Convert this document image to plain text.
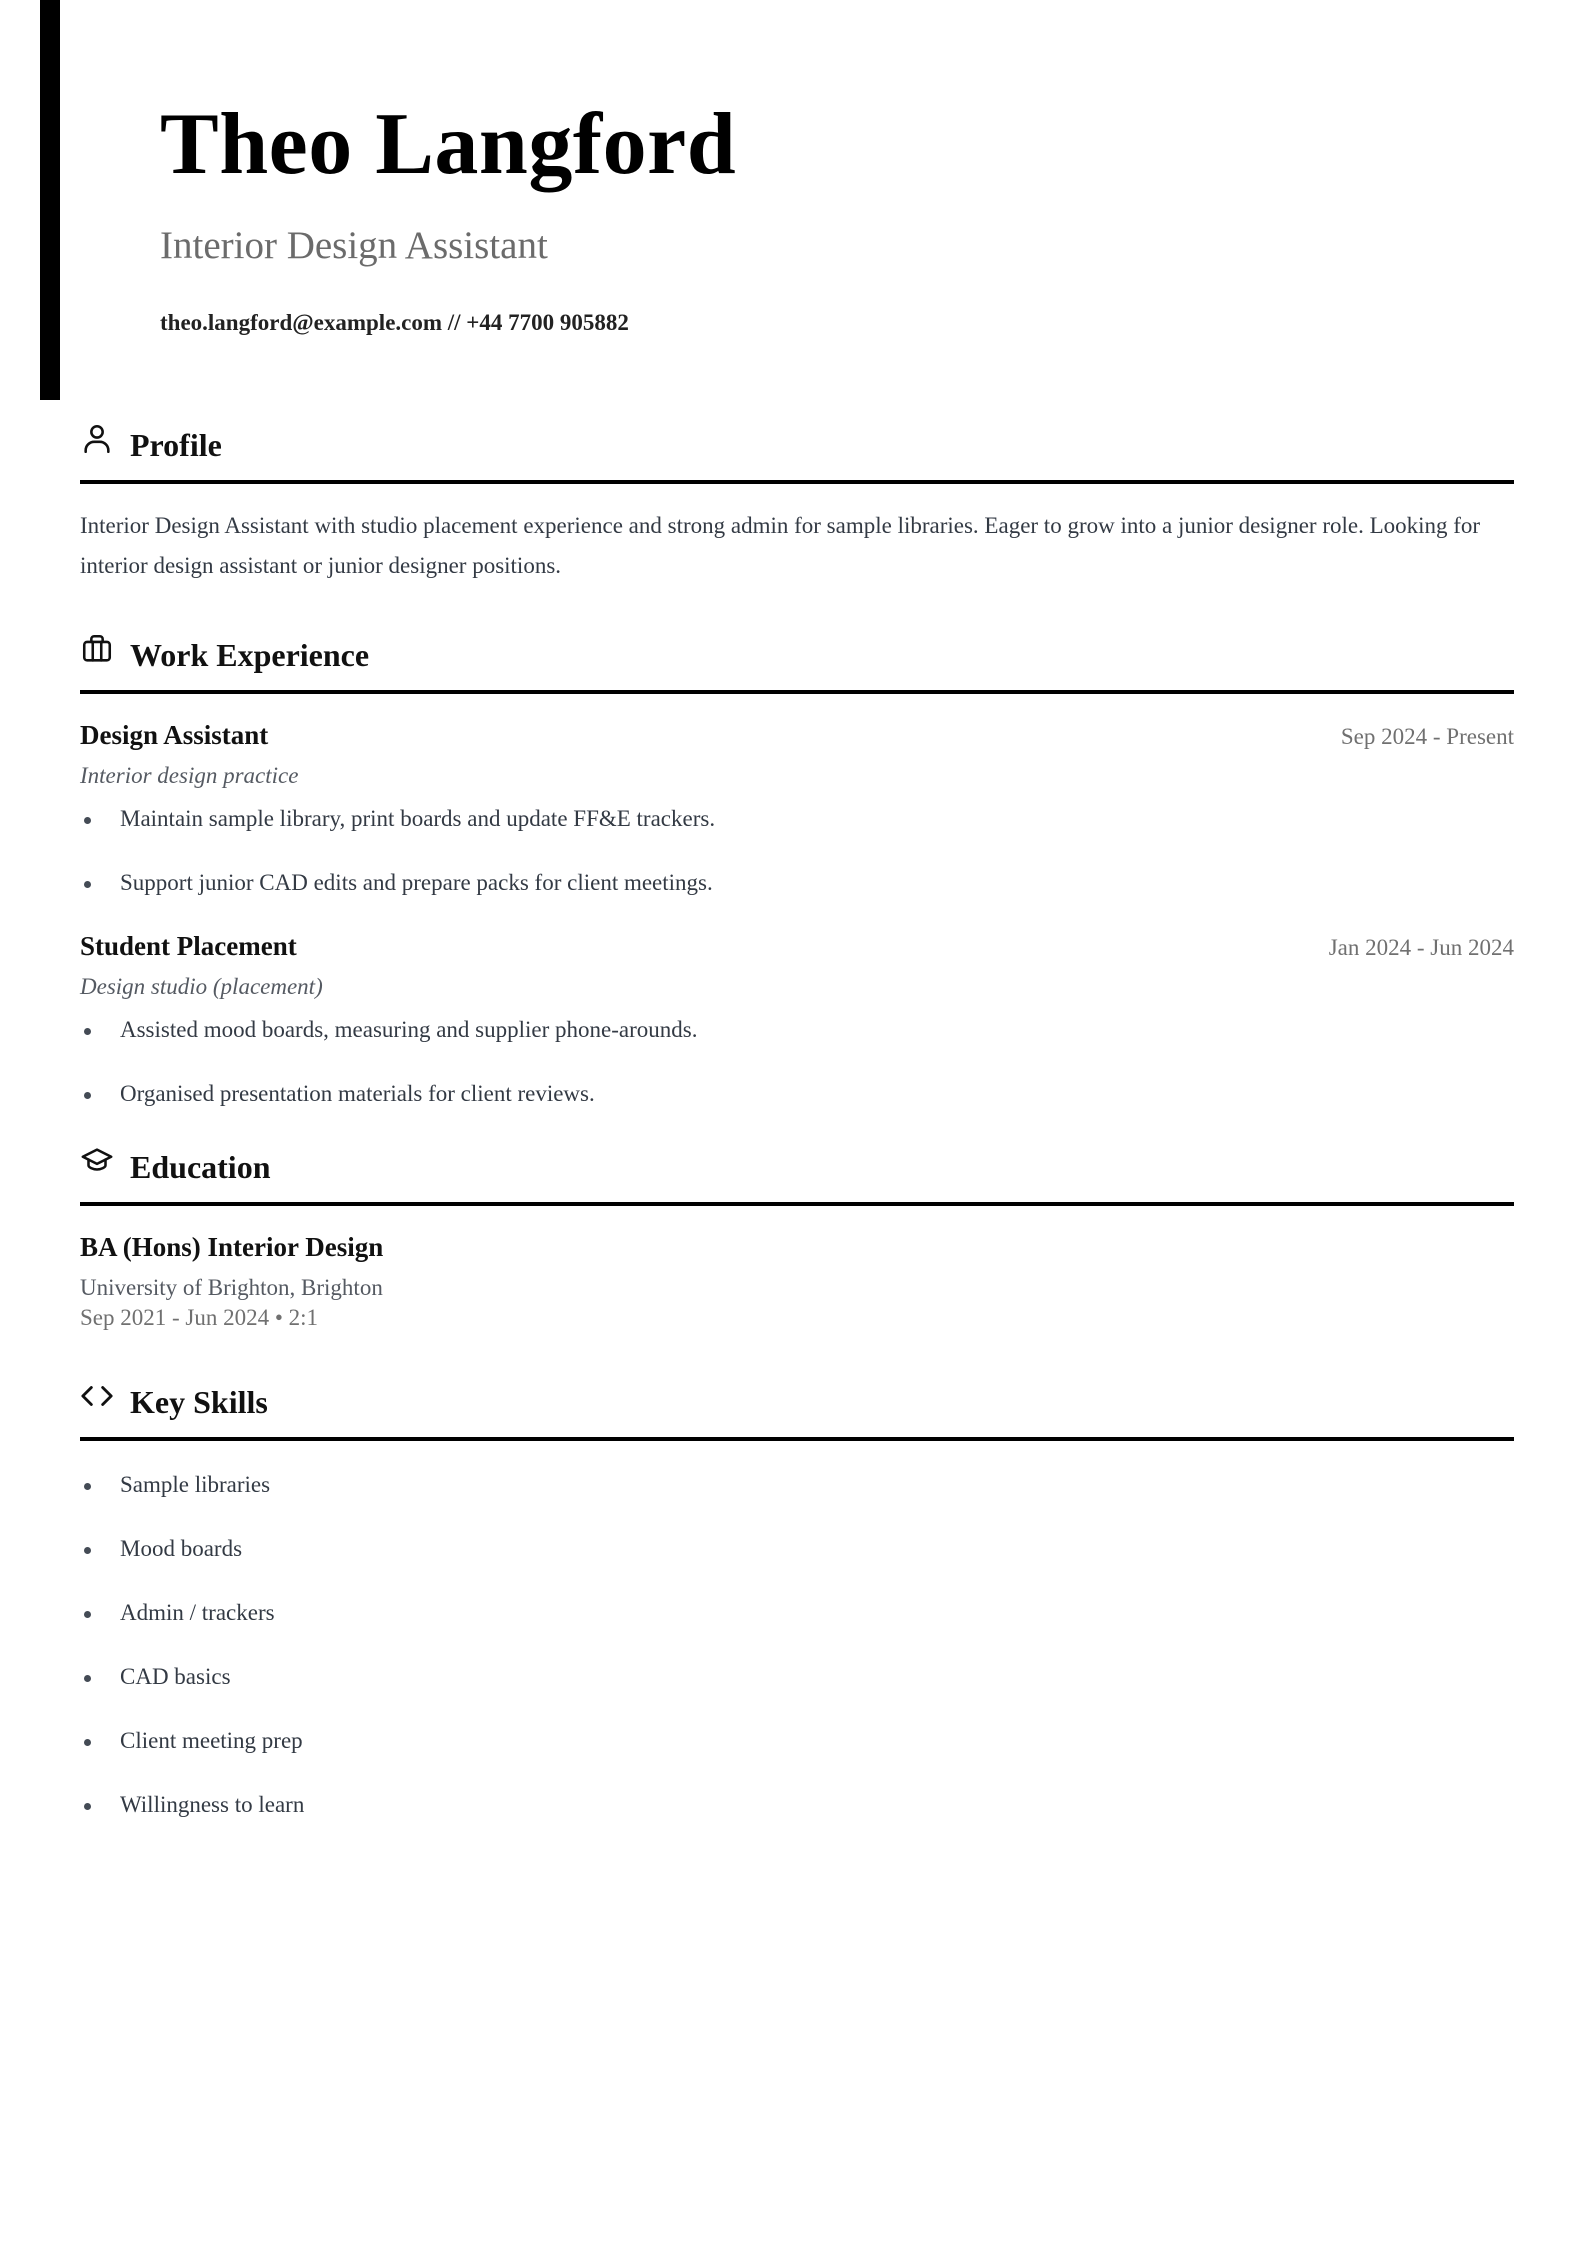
Theo Langford
Interior Design Assistant
theo.langford@example.com // +44 7700 905882
Profile
Interior Design Assistant with studio placement experience and strong admin for sample libraries. Eager to grow into a junior designer role. Looking for interior design assistant or junior designer positions.
Work Experience
Design Assistant	Sep 2024 - Present
Interior design practice
Maintain sample library, print boards and update FF&E trackers.
Support junior CAD edits and prepare packs for client meetings.
Student Placement	Jan 2024 - Jun 2024
Design studio (placement)
Assisted mood boards, measuring and supplier phone-arounds.
Organised presentation materials for client reviews.
Education
BA (Hons) Interior Design
University of Brighton, Brighton
Sep 2021 - Jun 2024 • 2:1
Key Skills
Sample libraries
Mood boards
Admin / trackers
CAD basics
Client meeting prep
Willingness to learn
